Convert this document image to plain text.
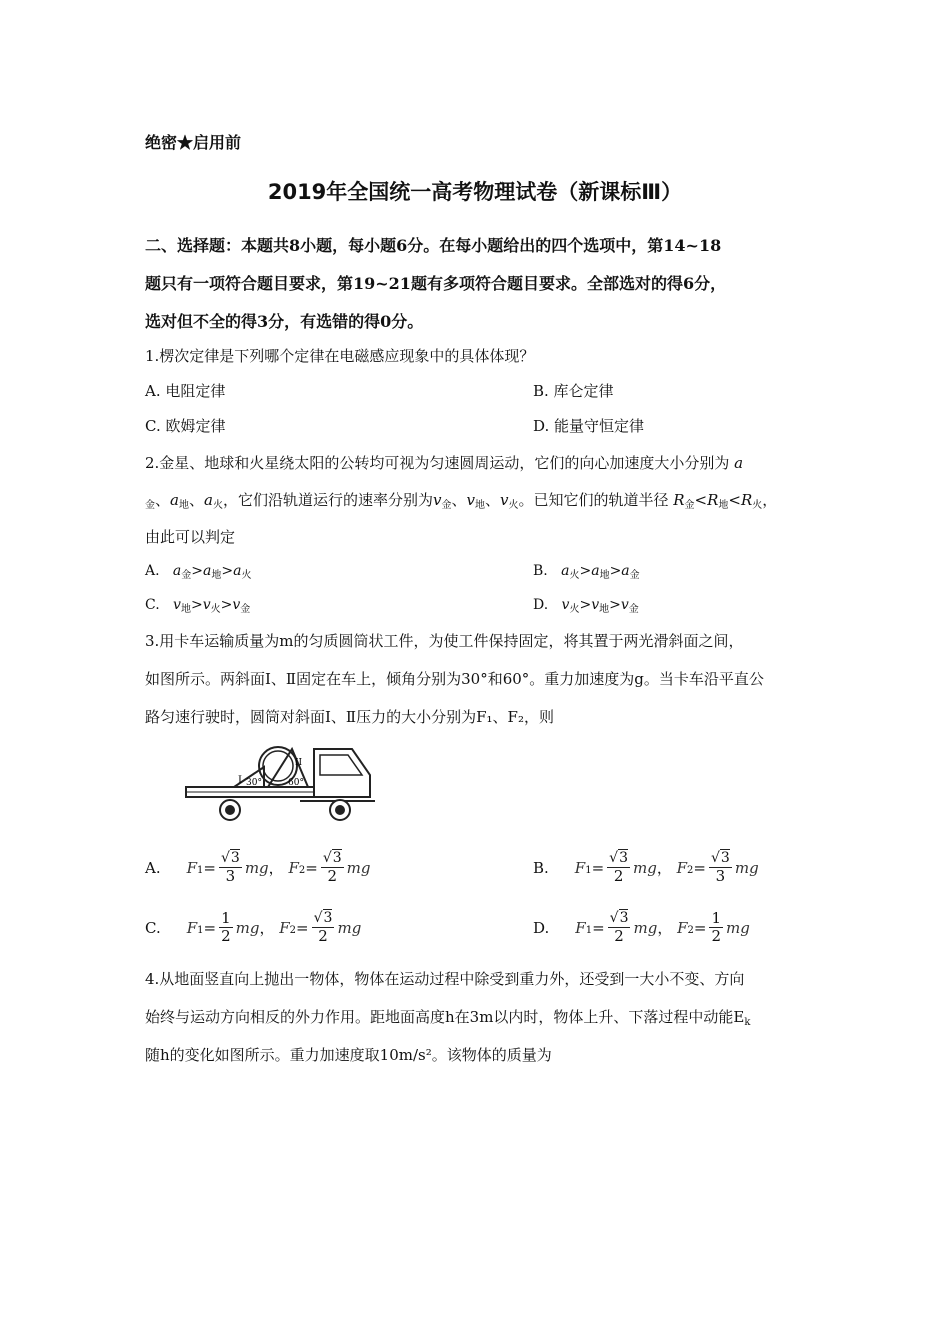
绝密★启用前
2019年全国统一高考物理试卷（新课标Ⅲ）
二、选择题：本题共8小题，每小题6分。在每小题给出的四个选项中，第14~18
题只有一项符合题目要求，第19~21题有多项符合题目要求。全部选对的得6分，
选对但不全的得3分，有选错的得0分。
1.楞次定律是下列哪个定律在电磁感应现象中的具体体现？
A. 电阻定律	B. 库仑定律
C. 欧姆定律	D. 能量守恒定律
2.金星、地球和火星绕太阳的公转均可视为匀速圆周运动，它们的向心加速度大小分别为 a
$_金$、$a_地$、$a_火$，它们沿轨道运行的速率分别为$v_金$、$v_地$、$v_火$。已知它们的轨道半径 $R_金<R_地<R_火$，
由此可以判定
A. $a_金>a_地>a_火$	B. $a_火>a_地>a_金$
C. $v_地>v_火>v_金$	D. $v_火>v_地>v_金$
3.用卡车运输质量为m的匀质圆筒状工件，为使工件保持固定，将其置于两光滑斜面之间，
如图所示。两斜面Ⅰ、Ⅱ固定在车上，倾角分别为30°和60°。重力加速度为g。当卡车沿平直公
路匀速行驶时，圆筒对斜面Ⅰ、Ⅱ压力的大小分别为F₁、F₂，则
I
II
30°	60°
A. F $1 = \frac{√3}{3}$ mg ， F $2 = \frac{√3}{2}$ mg	B. F $1 = \frac{√3}{2}$ mg ， F $2 = \frac{√3}{3}$ mg
C. F $1 = \frac{1}{2}$ mg ， F $2 = \frac{√3}{2}$ mg	D. F $1 = \frac{√3}{2}$ mg ， F $2 = \frac{1}{2}$ mg
4.从地面竖直向上抛出一物体，物体在运动过程中除受到重力外，还受到一大小不变、方向
始终与运动方向相反的外力作用。距地面高度h在3m以内时，物体上升、下落过程中动能$E_k$
随h的变化如图所示。重力加速度取10m/s²。该物体的质量为
